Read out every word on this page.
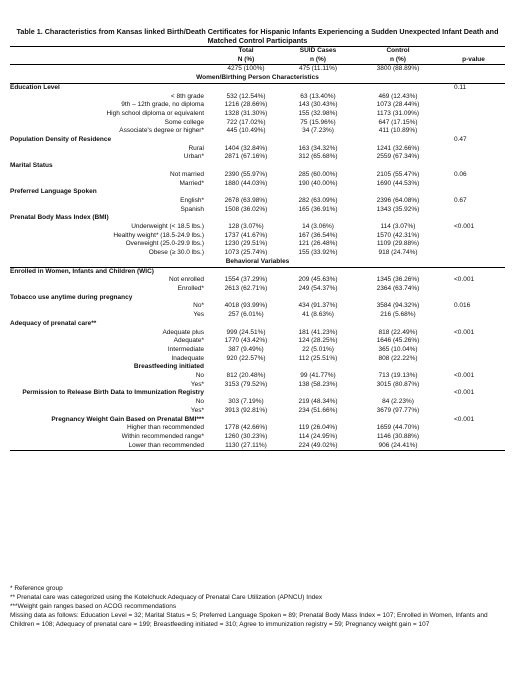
Table 1. Characteristics from Kansas linked Birth/Death Certificates for Hispanic Infants Experiencing a Sudden Unexpected Infant Death and Matched Control Participants
	Total	SUID Cases	Control	
	N (%)	n (%)	n (%)	p-value
	4275 (100%)	475 (11.11%)	3800 (88.89%)	
Women/Birthing Person Characteristics				
Education Level				0.11
< 8th grade	532 (12.54%)	63 (13.40%)	469 (12.43%)	
9th – 12th grade, no diploma	1216 (28.66%)	143 (30.43%)	1073 (28.44%)	
High school diploma or equivalent	1328 (31.30%)	155 (32.98%)	1173 (31.09%)	
Some college	722 (17.02%)	75 (15.96%)	647 (17.15%)	
Associate's degree or higher*	445 (10.49%)	34 (7.23%)	411 (10.89%)	
Population Density of Residence				0.47
Rural	1404 (32.84%)	163 (34.32%)	1241 (32.66%)	
Urban*	2871 (67.16%)	312 (65.68%)	2559 (67.34%)	
Marital Status				
Not married	2390 (55.97%)	285 (60.00%)	2105 (55.47%)	0.06
Married*	1880 (44.03%)	190 (40.00%)	1690 (44.53%)	
Preferred Language Spoken				
English*	2678 (63.98%)	282 (63.09%)	2396 (64.08%)	0.67
Spanish	1508 (36.02%)	165 (36.91%)	1343 (35.92%)	
Prenatal Body Mass Index (BMI)				
Underweight (< 18.5 lbs.)	128 (3.07%)	14 (3.06%)	114 (3.07%)	<0.001
Healthy weight* (18.5-24.9 lbs.)	1737 (41.67%)	167 (36.54%)	1570 (42.31%)	
Overweight (25.0-29.9 lbs.)	1230 (29.51%)	121 (26.48%)	1109 (29.88%)	
Obese (≥ 30.0 lbs.)	1073 (25.74%)	155 (33.92%)	918 (24.74%)	
Behavioral Variables				
Enrolled in Women, Infants and Children (WIC)				
Not enrolled	1554 (37.29%)	209 (45.63%)	1345 (36.26%)	<0.001
Enrolled*	2613 (62.71%)	249 (54.37%)	2364 (63.74%)	
Tobacco use anytime during pregnancy				
No*	4018 (93.99%)	434 (91.37%)	3584 (94.32%)	0.016
Yes	257 (6.01%)	41 (8.63%)	216 (5.68%)	
Adequacy of prenatal care**				
Adequate plus	999 (24.51%)	181 (41.23%)	818 (22.49%)	<0.001
Adequate*	1770 (43.42%)	124 (28.25%)	1646 (45.26%)	
Intermediate	387 (9.49%)	22 (5.01%)	365 (10.04%)	
Inadequate	920 (22.57%)	112 (25.51%)	808 (22.22%)	
Breastfeeding initiated				
No	812 (20.48%)	99 (41.77%)	713 (19.13%)	<0.001
Yes*	3153 (79.52%)	138 (58.23%)	3015 (80.87%)	
Permission to Release Birth Data to Immunization Registry				<0.001
No	303 (7.19%)	219 (48.34%)	84 (2.23%)	
Yes*	3913 (92.81%)	234 (51.66%)	3679 (97.77%)	
Pregnancy Weight Gain Based on Prenatal BMI***				<0.001
Higher than recommended	1778 (42.66%)	119 (26.04%)	1659 (44.70%)	
Within recommended range*	1260 (30.23%)	114 (24.95%)	1146 (30.88%)	
Lower than recommended	1130 (27.11%)	224 (49.02%)	906 (24.41%)	
* Reference group
** Prenatal care was categorized using the Kotelchuck Adequacy of Prenatal Care Utilization (APNCU) Index
***Weight gain ranges based on ACOG recommendations
Missing data as follows: Education Level = 32; Marital Status = 5; Preferred Language Spoken = 89; Prenatal Body Mass Index = 107; Enrolled in Women, Infants and Children = 108; Adequacy of prenatal care = 199; Breastfeeding initiated = 310; Agree to immunization registry = 59; Pregnancy weight gain = 107
